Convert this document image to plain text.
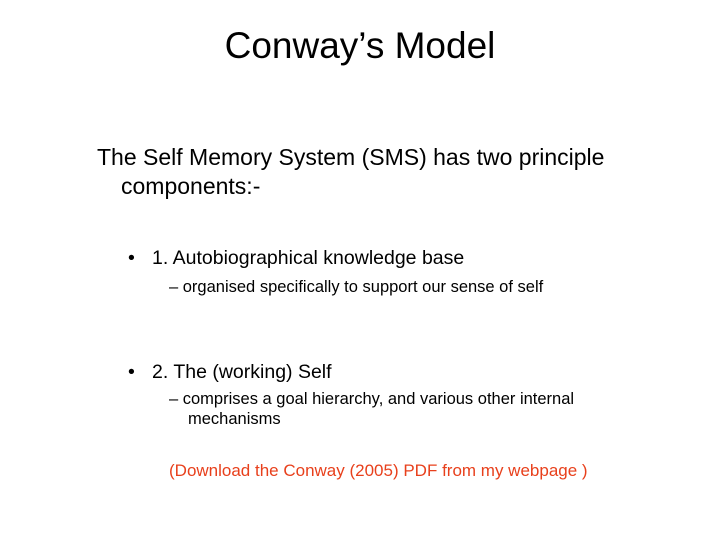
Conway’s Model
The Self Memory System (SMS) has two principle components:-
• 1. Autobiographical knowledge base
– organised specifically to support our sense of self
• 2. The (working) Self
– comprises a goal hierarchy, and various other internal mechanisms
(Download the Conway (2005) PDF from my webpage )
